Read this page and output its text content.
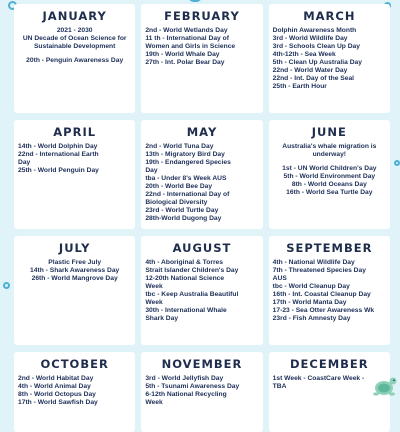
JANUARY
2021 - 2030
UN Decade of Ocean Science for
Sustainable Development
20th - Penguin Awareness Day
FEBRUARY
2nd - World Wetlands Day
11 th - International Day of
Women and Girls in Science
19th - World Whale Day
27th - Int. Polar Bear Day
MARCH
Dolphin Awareness Month
3rd - World Wildlife Day
3rd - Schools Clean Up Day
4th-12th - Sea Week
5th - Clean Up Australia Day
22nd - World Water Day
22nd - Int. Day of the Seal
25th - Earth Hour
APRIL
14th - World Dolphin Day
22nd - International Earth
Day
25th - World Penguin Day
MAY
2nd - World Tuna Day
13th - Migratory Bird Day
19th - Endangered Species
Day
tba - Under 8's Week AUS
20th - World Bee Day
22nd - International Day of
Biological Diversity
23rd - World Turtle Day
28th-World Dugong Day
JUNE
Australia's whale migration is
underway!
1st - UN World Children's Day
5th - World Environment Day
8th - World Oceans Day
16th - World Sea Turtle Day
JULY
Plastic Free July
14th - Shark Awareness Day
26th - World Mangrove Day
AUGUST
4th - Aboriginal & Torres
Strait Islander Children's Day
12-20th National Science
Week
tbc - Keep Australia Beautiful
Week
30th - International Whale
Shark Day
SEPTEMBER
4th - National Wildlife Day
7th - Threatened Species Day
AUS
tbc - World Cleanup Day
16th - Int. Coastal Cleanup Day
17th - World Manta Day
17-23 - Sea Otter Awareness Wk
23rd - Fish Amnesty Day
OCTOBER
2nd - World Habitat Day
4th - World Animal Day
8th - World Octopus Day
17th - World Sawfish Day
NOVEMBER
3rd - World Jellyfish Day
5th - Tsunami Awareness Day
6-12th National Recycling
Week
DECEMBER
1st Week - CoastCare Week -
TBA
